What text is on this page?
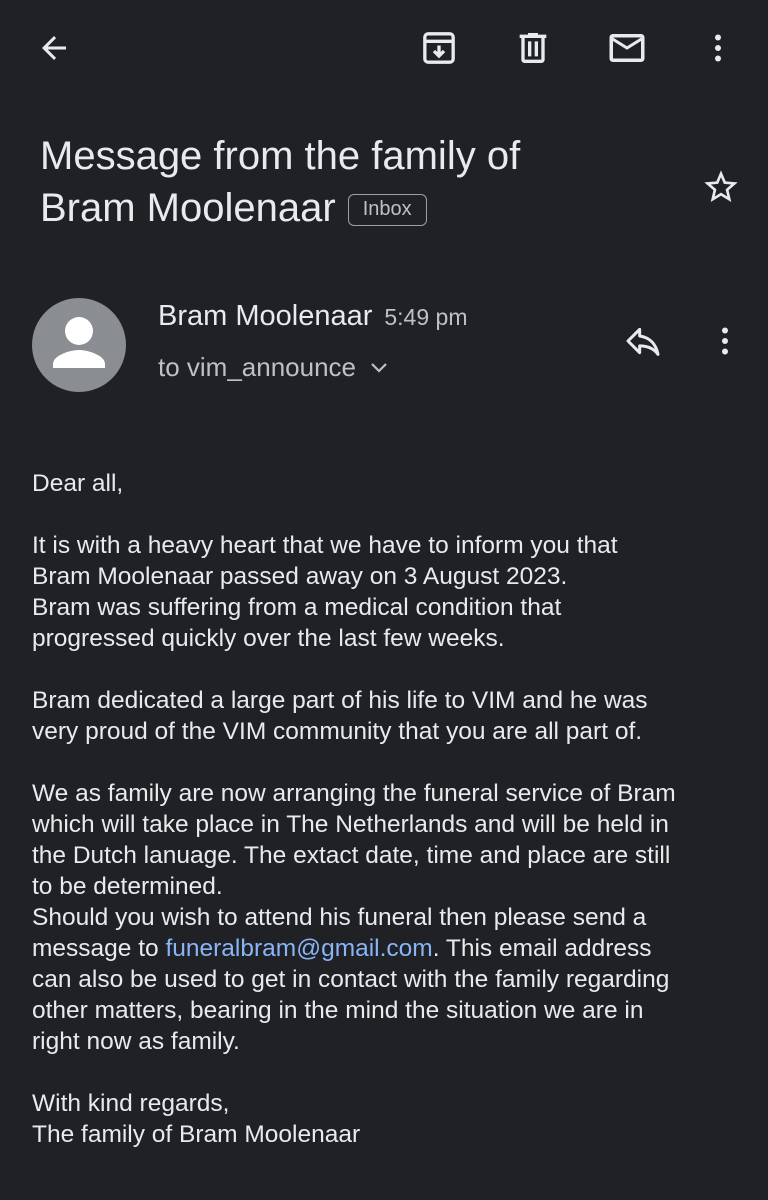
Message from the family of
Bram Moolenaar	Inbox
Bram Moolenaar 5:49 pm
to vim_announce

Dear all,

It is with a heavy heart that we have to inform you that

Bram Moolenaar passed away on 3 August 2023.

Bram was suffering from a medical condition that

progressed quickly over the last few weeks.

Bram dedicated a large part of his life to VIM and he was

very proud of the VIM community that you are all part of.

We as family are now arranging the funeral service of Bram

which will take place in The Netherlands and will be held in

the Dutch lanuage. The extact date, time and place are still

to be determined.

Should you wish to attend his funeral then please send a

message to funeralbram@gmail.com. This email address

can also be used to get in contact with the family regarding

other matters, bearing in the mind the situation we are in

right now as family.

With kind regards,

The family of Bram Moolenaar
